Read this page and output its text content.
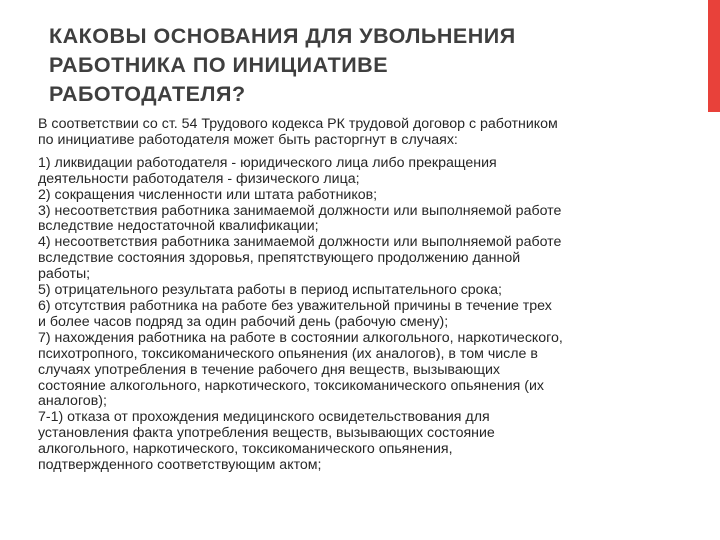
КАКОВЫ ОСНОВАНИЯ ДЛЯ УВОЛЬНЕНИЯ
РАБОТНИКА ПО ИНИЦИАТИВЕ
РАБОТОДАТЕЛЯ?
В соответствии со ст. 54 Трудового кодекса РК трудовой договор с работником
по инициативе работодателя может быть расторгнут в случаях:
1) ликвидации работодателя - юридического лица либо прекращения
деятельности работодателя - физического лица;
2) сокращения численности или штата работников;
3) несоответствия работника занимаемой должности или выполняемой работе
вследствие недостаточной квалификации;
4) несоответствия работника занимаемой должности или выполняемой работе
вследствие состояния здоровья, препятствующего продолжению данной
работы;
5) отрицательного результата работы в период испытательного срока;
6) отсутствия работника на работе без уважительной причины в течение трех
и более часов подряд за один рабочий день (рабочую смену);
7) нахождения работника на работе в состоянии алкогольного, наркотического,
психотропного, токсикоманического опьянения (их аналогов), в том числе в
случаях употребления в течение рабочего дня веществ, вызывающих
состояние алкогольного, наркотического, токсикоманического опьянения (их
аналогов);
7-1) отказа от прохождения медицинского освидетельствования для
установления факта употребления веществ, вызывающих состояние
алкогольного, наркотического, токсикоманического опьянения,
подтвержденного соответствующим актом;
